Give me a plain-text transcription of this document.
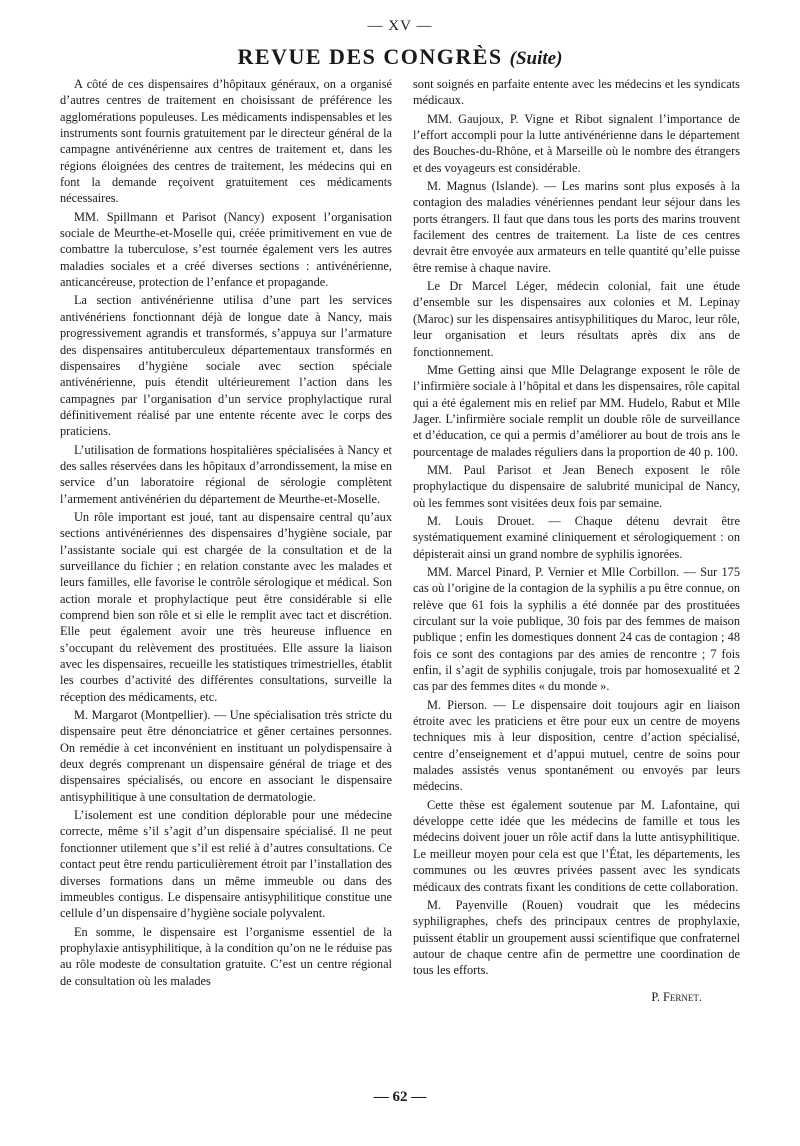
— XV —
REVUE DES CONGRÈS (Suite)

A côté de ces dispensaires d’hôpitaux généraux, on a organisé d’autres centres de traitement en choisissant de préférence les agglomérations populeuses. Les médicaments indispensables et les instruments sont fournis gratuitement par le directeur général de la campagne antivénérienne aux centres de traitement et, dans les régions éloignées des centres de traitement, les médecins qui en font la demande reçoivent gratuitement ces médicaments nécessaires.

MM. Spillmann et Parisot (Nancy) exposent l’organisation sociale de Meurthe-et-Moselle qui, créée primitivement en vue de combattre la tuberculose, s’est tournée également vers les autres maladies sociales et a créé diverses sections : antivénérienne, anticancéreuse, protection de l’enfance et propagande.

La section antivénérienne utilisa d’une part les services antivénériens fonctionnant déjà de longue date à Nancy, mais progressivement agrandis et transformés, s’appuya sur l’armature des dispensaires antituberculeux départementaux transformés en dispensaires d’hygiène sociale avec section spéciale antivénérienne, puis étendit ultérieurement l’action dans les campagnes par l’organisation d’un service prophylactique rural définitivement réalisé par une entente récente avec le corps des praticiens.

L’utilisation de formations hospitalières spécialisées à Nancy et des salles réservées dans les hôpitaux d’arrondissement, la mise en service d’un laboratoire régional de sérologie complètent l’armement antivénérien du département de Meurthe-et-Moselle.

Un rôle important est joué, tant au dispensaire central qu’aux sections antivénériennes des dispensaires d’hygiène sociale, par l’assistante sociale qui est chargée de la consultation et de la surveillance du fichier ; en relation constante avec les malades et leurs familles, elle favorise le contrôle sérologique et médical. Son action morale et prophylactique peut être considérable si elle comprend bien son rôle et si elle le remplit avec tact et discrétion. Elle peut également avoir une très heureuse influence en s’occupant du relèvement des prostituées. Elle assure la liaison avec les dispensaires, recueille les statistiques trimestrielles, établit les courbes d’activité des différentes consultations, surveille la réception des médicaments, etc.

M. Margarot (Montpellier). — Une spécialisation très stricte du dispensaire peut être dénonciatrice et gêner certaines personnes. On remédie à cet inconvénient en instituant un polydispensaire à deux degrés comprenant un dispensaire général de triage et des dispensaires spécialisés, ou encore en associant le dispensaire antisyphilitique à une consultation de dermatologie.

L’isolement est une condition déplorable pour une médecine correcte, même s’il s’agit d’un dispensaire spécialisé. Il ne peut fonctionner utilement que s’il est relié à d’autres consultations. Ce contact peut être rendu particulièrement étroit par l’installation des diverses formations dans un même immeuble ou dans des immeubles contigus. Le dispensaire antisyphilitique constitue une cellule d’un dispensaire d’hygiène sociale polyvalent.

En somme, le dispensaire est l’organisme essentiel de la prophylaxie antisyphilitique, à la condition qu’on ne le réduise pas au rôle modeste de consultation gratuite. C’est un centre régional de consultation où les malades

sont soignés en parfaite entente avec les médecins et les syndicats médicaux.

MM. Gaujoux, P. Vigne et Ribot signalent l’importance de l’effort accompli pour la lutte antivénérienne dans le département des Bouches-du-Rhône, et à Marseille où le nombre des étrangers et des voyageurs est considérable.

M. Magnus (Islande). — Les marins sont plus exposés à la contagion des maladies vénériennes pendant leur séjour dans les ports étrangers. Il faut que dans tous les ports des marins trouvent facilement des centres de traitement. La liste de ces centres devrait être envoyée aux armateurs en telle quantité qu’elle puisse être remise à chaque navire.

Le Dr Marcel Léger, médecin colonial, fait une étude d’ensemble sur les dispensaires aux colonies et M. Lepinay (Maroc) sur les dispensaires antisyphilitiques du Maroc, leur rôle, leur organisation et leurs résultats après dix ans de fonctionnement.

Mme Getting ainsi que Mlle Delagrange exposent le rôle de l’infirmière sociale à l’hôpital et dans les dispensaires, rôle capital qui a été également mis en relief par MM. Hudelo, Rabut et Mlle Jager. L’infirmière sociale remplit un double rôle de surveillance et d’éducation, ce qui a permis d’améliorer au bout de trois ans le pourcentage de malades réguliers dans la proportion de 40 p. 100.

MM. Paul Parisot et Jean Benech exposent le rôle prophylactique du dispensaire de salubrité municipal de Nancy, où les femmes sont visitées deux fois par semaine.

M. Louis Drouet. — Chaque détenu devrait être systématiquement examiné cliniquement et sérologiquement : on dépisterait ainsi un grand nombre de syphilis ignorées.

MM. Marcel Pinard, P. Vernier et Mlle Corbillon. — Sur 175 cas où l’origine de la contagion de la syphilis a pu être connue, on relève que 61 fois la syphilis a été donnée par des prostituées circulant sur la voie publique, 30 fois par des femmes de maison publique ; enfin les domestiques donnent 24 cas de contagion ; 48 fois ce sont des contagions par des amies de rencontre ; 7 fois enfin, il s’agit de syphilis conjugale, trois par homosexualité et 2 cas par des femmes dites « du monde ».

M. Pierson. — Le dispensaire doit toujours agir en liaison étroite avec les praticiens et être pour eux un centre de moyens techniques mis à leur disposition, centre d’action spécialisé, centre d’enseignement et d’appui mutuel, centre de soins pour malades assistés venus spontanément ou envoyés par leurs médecins.

Cette thèse est également soutenue par M. Lafontaine, qui développe cette idée que les médecins de famille et tous les médecins doivent jouer un rôle actif dans la lutte antisyphilitique. Le meilleur moyen pour cela est que l’État, les départements, les communes ou les œuvres privées passent avec les syndicats médicaux des contrats fixant les conditions de cette collaboration.

M. Payenville (Rouen) voudrait que les médecins syphiligraphes, chefs des principaux centres de prophylaxie, puissent établir un groupement aussi scientifique que confraternel autour de chaque centre afin de permettre une coordination de tous les efforts.

P. Fernet.

— 62 —
